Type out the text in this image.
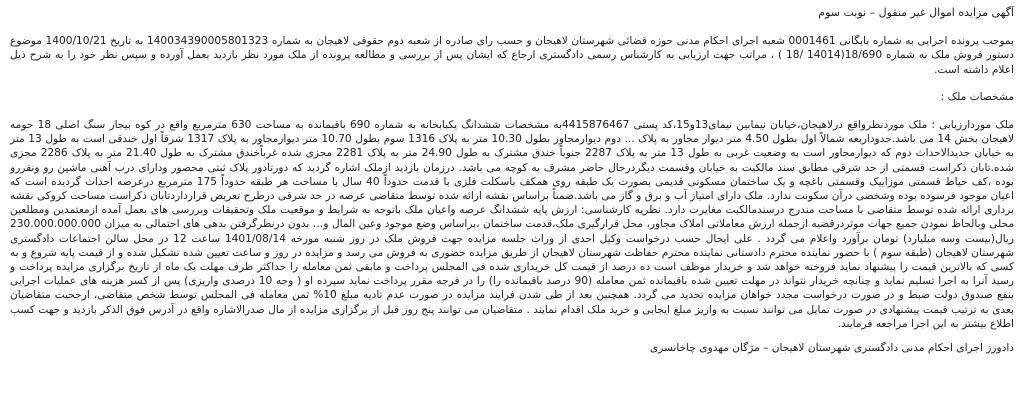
آگهی مزایده اموال غیر منقول – نوبت سوم

بموجب پرونده اجرایی به شماره بایگانی 0001461 شعبه اجرای احکام مدنی حوزه قضائی شهرستان لاهیجان و حسب رای صادره از شعبه دوم حقوقی لاهیجان به شماره 140034390005801323 به تاریخ 1400/10/21 موضوع دستور فروش ملک به شماره 18/690(14014 /18 ) ، مراتب جهت ارزیابی به کارشناس رسمی دادگستری ارجاع که ایشان پس از بررسی و مطالعه پرونده از ملک مورد نظر بازدید بعمل آورده و سپس نظر خود را به شرح ذیل اعلام داشته است.

مشخصات ملک :

ملک موردارزیابی ؛ ملک موردنظرواقع درلاهیجان،خیابان نیمابین نیمای13و15،کد پستی 4415876467به مشخصات ششدانگ یکبابخانه به شماره 690 باقیمانده به مساحت 630 مترمربع واقع در کوه بیجار سنگ اصلی 18 حومه لاهیجان بخش 14 می باشد.حدوداربعه شمالاً اول بطول 4.50 متر دیوار مجاور به پلاک ... دوم دیوارمجاور بطول 10.30 متر به پلاک 1316 سوم بطول 10.70 متر دیوارمجاور به پلاک 1317 شرقاً اول خندقی است به طول 13 متر به خیابان جدیدالاحداث دوم که دیوارمجاور است به وضعیت غربی به طول 13 متر به پلاک 2287 جنوباً خندق مشترک به طول 24.90 متر به پلاک 2281 مجزی شده غرباًخندق مشترک به طول 21.40 متر به پلاک 2286 مجزی شده.تابان ذکراست قسمتی از حد شرقی مطابق سند مالکیت به خیابان وقسمت دیگردرحال حاضر مشرف به کوچه می باشد. درزمان بازدید ازملک اشاره گردید که دورتادور پلاک ثبتی محصور ودارای درب آهنی ماشین رو ونفررو بوده ،کف حیاط قسمتی موزاییک وقسمتی باغچه و یک ساختمان مسکونی قدیمی بصورت یک طبقه روی همکف باسکلت فلزی با قدمت حدوداً 40 سال با مساحت هر طبقه حدوداً 175 مترمربع درعرصه احداث گردیده است که اعیان موجود فرسوده بوده وشخصی درآن سکونت ندارد. ملک دارای امتیاز آب و برق و گاز می باشد.ضمناً براساس نقشه ارائه شده توسط متقاضی عرصه در حد شرقی درطرح تعریض قرارداردتابان ذکراست مساحت کروکی نقشه برداری ارائه شده توسط متقاضی با مساحت مندرج درسندمالکیت مغایرت دارد. نظریه کارشناسی: ارزش پایه ششدانگ عرصه واعیان ملک باتوجه به شرایط و موقعیت ملک وتحقیقات وبررسی های بعمل آمده ازمعتمدین ومطلعین محلی وبالحاظ نمودن جمیع جهات موثردرقضیه ازجمله ارزش معاملاتی املاک مجاور، محل قرارگیری ملک،قدمت ساختمان ،براساس وضع موجود وعین المال و… بدون درنظرگرفتن بدهی های احتمالی به میزان 230.000.000.000 ریال(بیست وسه میلیارد) تومان برآورد واعلام می گردد . علی ایحال حسب درخواست وکیل احدی از وراث جلسه مزایده جهت فروش ملک در روز شنبه مورخه 1401/08/14 ساعت 12 در محل سالن اجتماعات دادگستری شهرستان لاهیجان (طبقه سوم ) با حضور نماینده محترم دادستانی نماینده محترم حفاظت شهرستان لاهیجان از طریق مزایده حضوری به فروش می رسد و مزایده در روز و ساعت تعیین شده تشکیل شده و از قیمت پایه شروع و به کسی که بالاترین قیمت را پیشنهاد نماید فروخته خواهد شد و خریدار موظف است ده درصد از قیمت کل خریداری شده فی المجلس پرداخت و مابقی ثمن معامله را حداکثر ظرف مهلت یک ماه از تاریخ برگزاری مزایده پرداخت و رسید آنرا به اجرا تسلیم نماید و چنانچه خریدار نتواند در مهلت تعیین شده باقیمانده ثمن معامله (90 درصد باقیمانده را) را در فرجه مقرر پرداخت نماید سپرده او ( وجه 10 درصدی واریزی) پس از کسر هزینه های عملیات اجرایی بنفع صندوق دولت ضبط و در صورت درخواست مجدد خواهان مزایده تجدید می گردد. همچنین بعد از طی شدن فرایند مزایده در صورت عدم تادیه مبلغ 10% ثمن معامله فی المجلس توسط شخص متقاضی، ارجحیت متقاضیان بعدی به ترتیب قیمت پیشنهادی در صورت تمایل می توانند نسبت به واریز مبلغ ایجابی و خرید ملک اقدام نمایند . متقاضیان می توانند پنج روز قبل از برگزاری مزایده از مال صدرالاشاره واقع در آدرس فوق الذکر بازدید و جهت کسب اطلاع بیشتر به این اجرا مراجعه فرمایند.

دادورز اجرای احکام مدنی دادگستری شهرستان لاهیجان – مژگان مهدوی چاخانسری
